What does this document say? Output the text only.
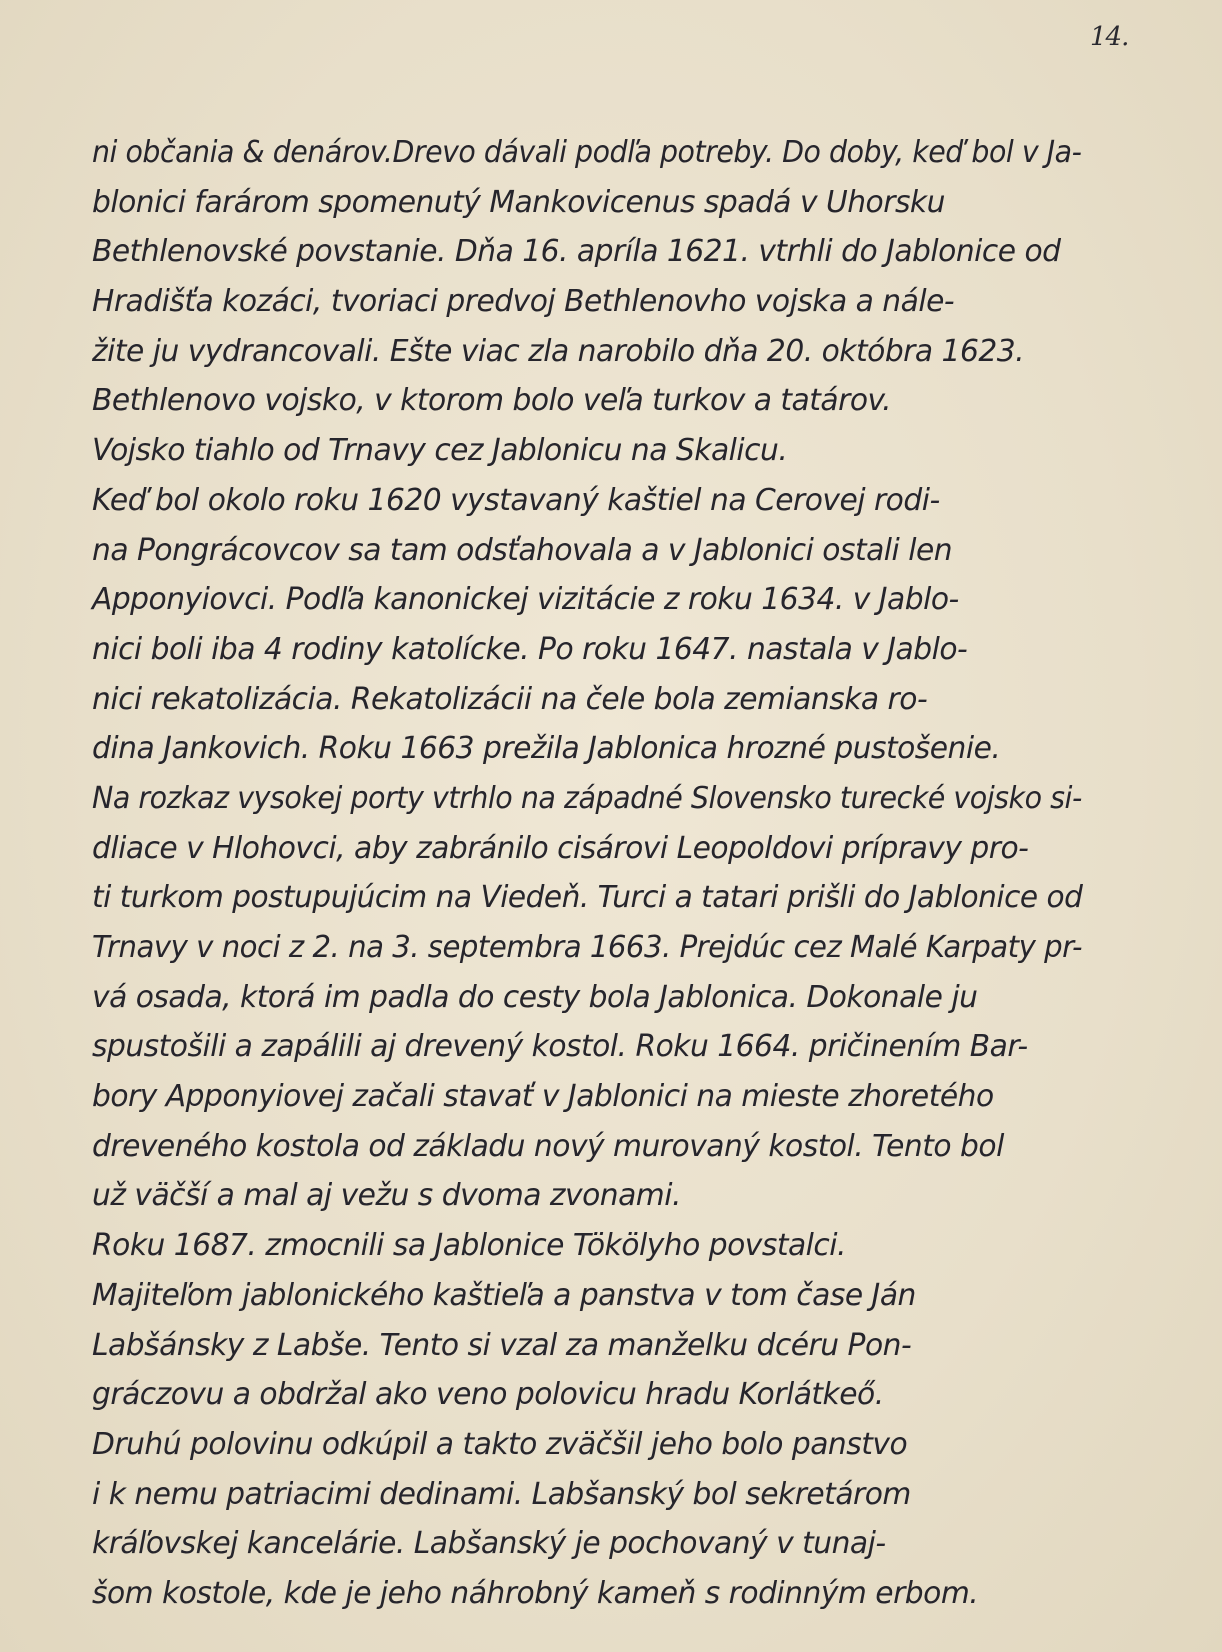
14.
ni občania & denárov.Drevo dávali podľa potreby. Do doby, keď bol v Ja-
blonici farárom spomenutý Mankovicenus spadá v Uhorsku
Bethlenovské povstanie. Dňa 16. apríla 1621. vtrhli do Jablonice od
Hradišťa kozáci, tvoriaci predvoj Bethlenovho vojska a nále-
žite ju vydrancovali. Ešte viac zla narobilo dňa 20. októbra 1623.
Bethlenovo vojsko, v ktorom bolo veľa turkov a tatárov.
Vojsko tiahlo od Trnavy cez Jablonicu na Skalicu.
Keď bol okolo roku 1620 vystavaný kaštiel na Cerovej rodi-
na Pongrácovcov sa tam odsťahovala a v Jablonici ostali len
Apponyiovci. Podľa kanonickej vizitácie z roku 1634. v Jablo-
nici boli iba 4 rodiny katolícke. Po roku 1647. nastala v Jablo-
nici rekatolizácia. Rekatolizácii na čele bola zemianska ro-
dina Jankovich. Roku 1663 prežila Jablonica hrozné pustošenie.
Na rozkaz vysokej porty vtrhlo na západné Slovensko turecké vojsko si-
dliace v Hlohovci, aby zabránilo cisárovi Leopoldovi prípravy pro-
ti turkom postupujúcim na Viedeň. Turci a tatari prišli do Jablonice od
Trnavy v noci z 2. na 3. septembra 1663. Prejdúc cez Malé Karpaty pr-
vá osada, ktorá im padla do cesty bola Jablonica. Dokonale ju
spustošili a zapálili aj drevený kostol. Roku 1664. pričinením Bar-
bory Apponyiovej začali stavať v Jablonici na mieste zhoretého
dreveného kostola od základu nový murovaný kostol. Tento bol
už väčší a mal aj vežu s dvoma zvonami.
Roku 1687. zmocnili sa Jablonice Tökölyho povstalci.
Majiteľom jablonického kaštieľa a panstva v tom čase Ján
Labšánsky z Labše. Tento si vzal za manželku dcéru Pon-
gráczovu a obdržal ako veno polovicu hradu Korlátkeő.
Druhú polovinu odkúpil a takto zväčšil jeho bolo panstvo
i k nemu patriacimi dedinami. Labšanský bol sekretárom
kráľovskej kancelárie. Labšanský je pochovaný v tunaj-
šom kostole, kde je jeho náhrobný kameň s rodinným erbom.
